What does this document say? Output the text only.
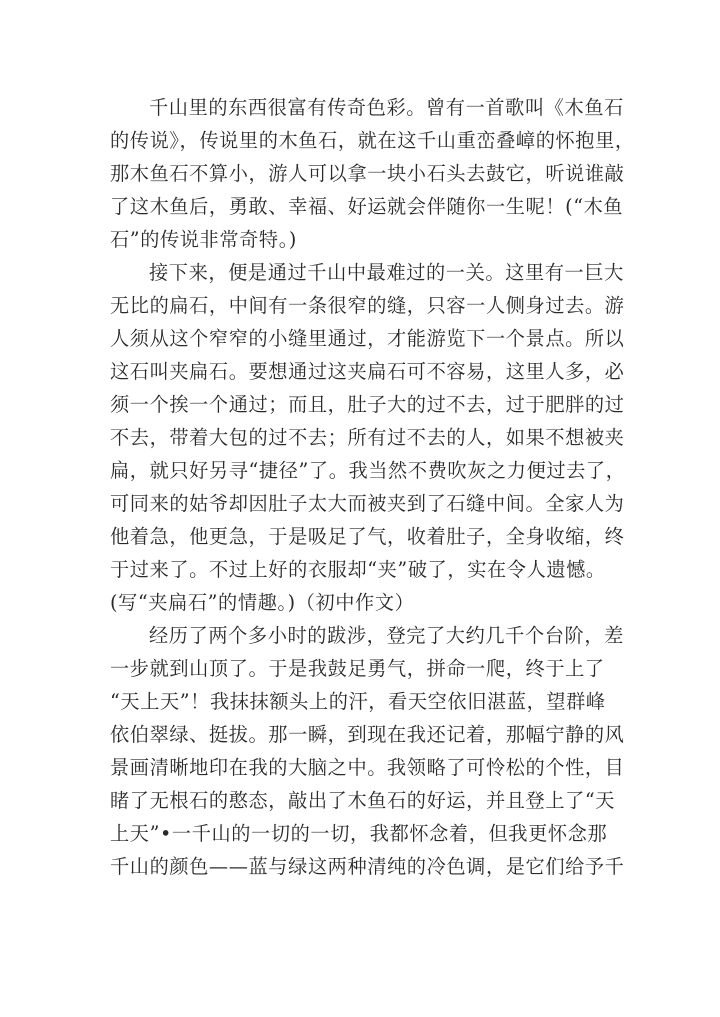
千山里的东西很富有传奇色彩。曾有一首歌叫《木鱼石
的传说》，传说里的木鱼石，就在这千山重峦叠嶂的怀抱里，
那木鱼石不算小，游人可以拿一块小石头去鼓它，听说谁敲
了这木鱼后，勇敢、幸福、好运就会伴随你一生呢！(“木鱼
石”的传说非常奇特。)
接下来，便是通过千山中最难过的一关。这里有一巨大
无比的扁石，中间有一条很窄的缝，只容一人侧身过去。游
人须从这个窄窄的小缝里通过，才能游览下一个景点。所以
这石叫夹扁石。要想通过这夹扁石可不容易，这里人多，必
须一个挨一个通过；而且，肚子大的过不去，过于肥胖的过
不去，带着大包的过不去；所有过不去的人，如果不想被夹
扁，就只好另寻“捷径”了。我当然不费吹灰之力便过去了，
可同来的姑爷却因肚子太大而被夹到了石缝中间。全家人为
他着急，他更急，于是吸足了气，收着肚子，全身收缩，终
于过来了。不过上好的衣服却“夹”破了，实在令人遗憾。
(写“夹扁石”的情趣。)（初中作文）
经历了两个多小时的跋涉，登完了大约几千个台阶，差
一步就到山顶了。于是我鼓足勇气，拼命一爬，终于上了
“天上天”！我抹抹额头上的汗，看天空依旧湛蓝，望群峰
依伯翠绿、挺拔。那一瞬，到现在我还记着，那幅宁静的风
景画清晰地印在我的大脑之中。我领略了可怜松的个性，目
睹了无根石的憨态，敲出了木鱼石的好运，并且登上了“天
上天”•一千山的一切的一切，我都怀念着，但我更怀念那
千山的颜色——蓝与绿这两种清纯的冷色调，是它们给予千
